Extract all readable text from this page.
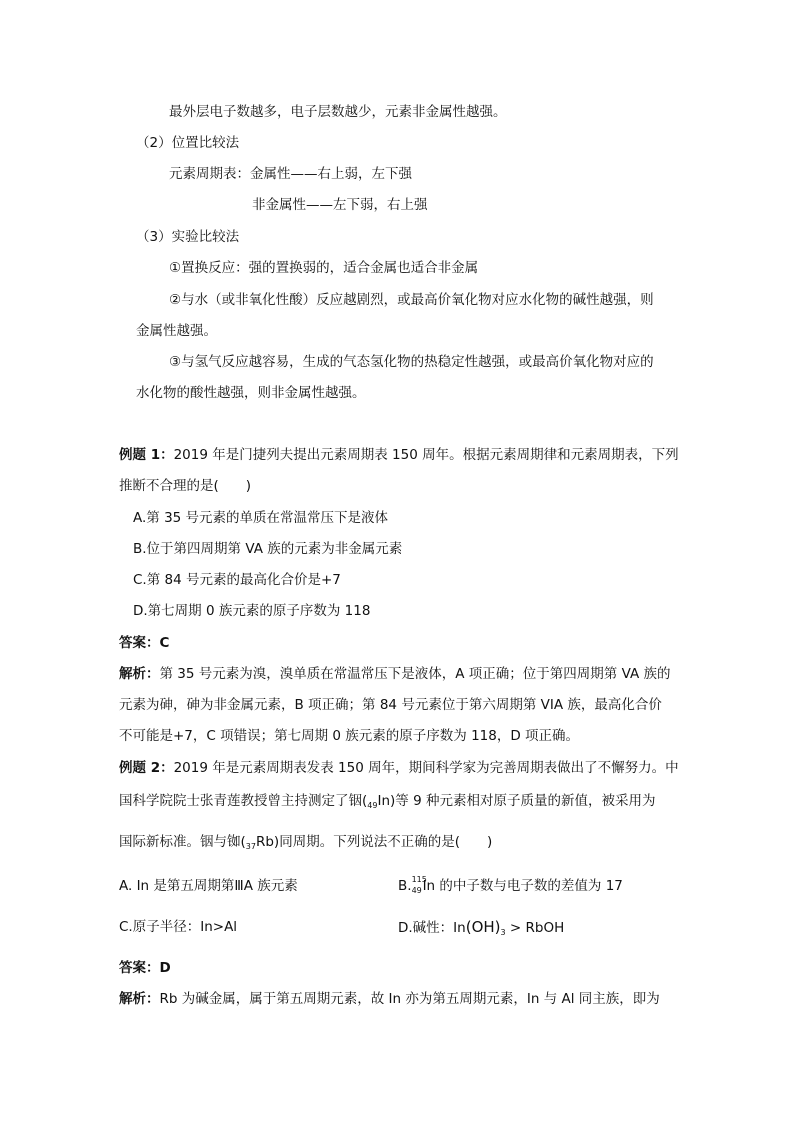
最外层电子数越多，电子层数越少，元素非金属性越强。
（2）位置比较法
元素周期表：金属性——右上弱，左下强
非金属性——左下弱，右上强
（3）实验比较法
①置换反应：强的置换弱的，适合金属也适合非金属
②与水（或非氧化性酸）反应越剧烈，或最高价氧化物对应水化物的碱性越强，则
金属性越强。
③与氢气反应越容易，生成的气态氢化物的热稳定性越强，或最高价氧化物对应的
水化物的酸性越强，则非金属性越强。
例题 1：2019 年是门捷列夫提出元素周期表 150 周年。根据元素周期律和元素周期表，下列
推断不合理的是(　　)
A.第 35 号元素的单质在常温常压下是液体
B.位于第四周期第 VA 族的元素为非金属元素
C.第 84 号元素的最高化合价是+7
D.第七周期 0 族元素的原子序数为 118
答案：C
解析：第 35 号元素为溴，溴单质在常温常压下是液体，A 项正确；位于第四周期第 VA 族的
元素为砷，砷为非金属元素，B 项正确；第 84 号元素位于第六周期第 VIA 族，最高化合价
不可能是+7，C 项错误；第七周期 0 族元素的原子序数为 118，D 项正确。
例题 2：2019 年是元素周期表发表 150 周年，期间科学家为完善周期表做出了不懈努力。中
国科学院院士张青莲教授曾主持测定了铟$(_{49}In)$等 9 种元素相对原子质量的新值，被采用为
国际新标准。铟与铷$(_{37}Rb)$同周期。下列说法不正确的是(　　)
A. In 是第五周期第ⅢA 族元素	B. 115
49 In 的中子数与电子数的差值为 17
C.原子半径：In>Al	D.碱性：$In(OH)_3$ > RbOH
答案：D
解析：Rb 为碱金属，属于第五周期元素，故 In 亦为第五周期元素，In 与 Al 同主族，即为
